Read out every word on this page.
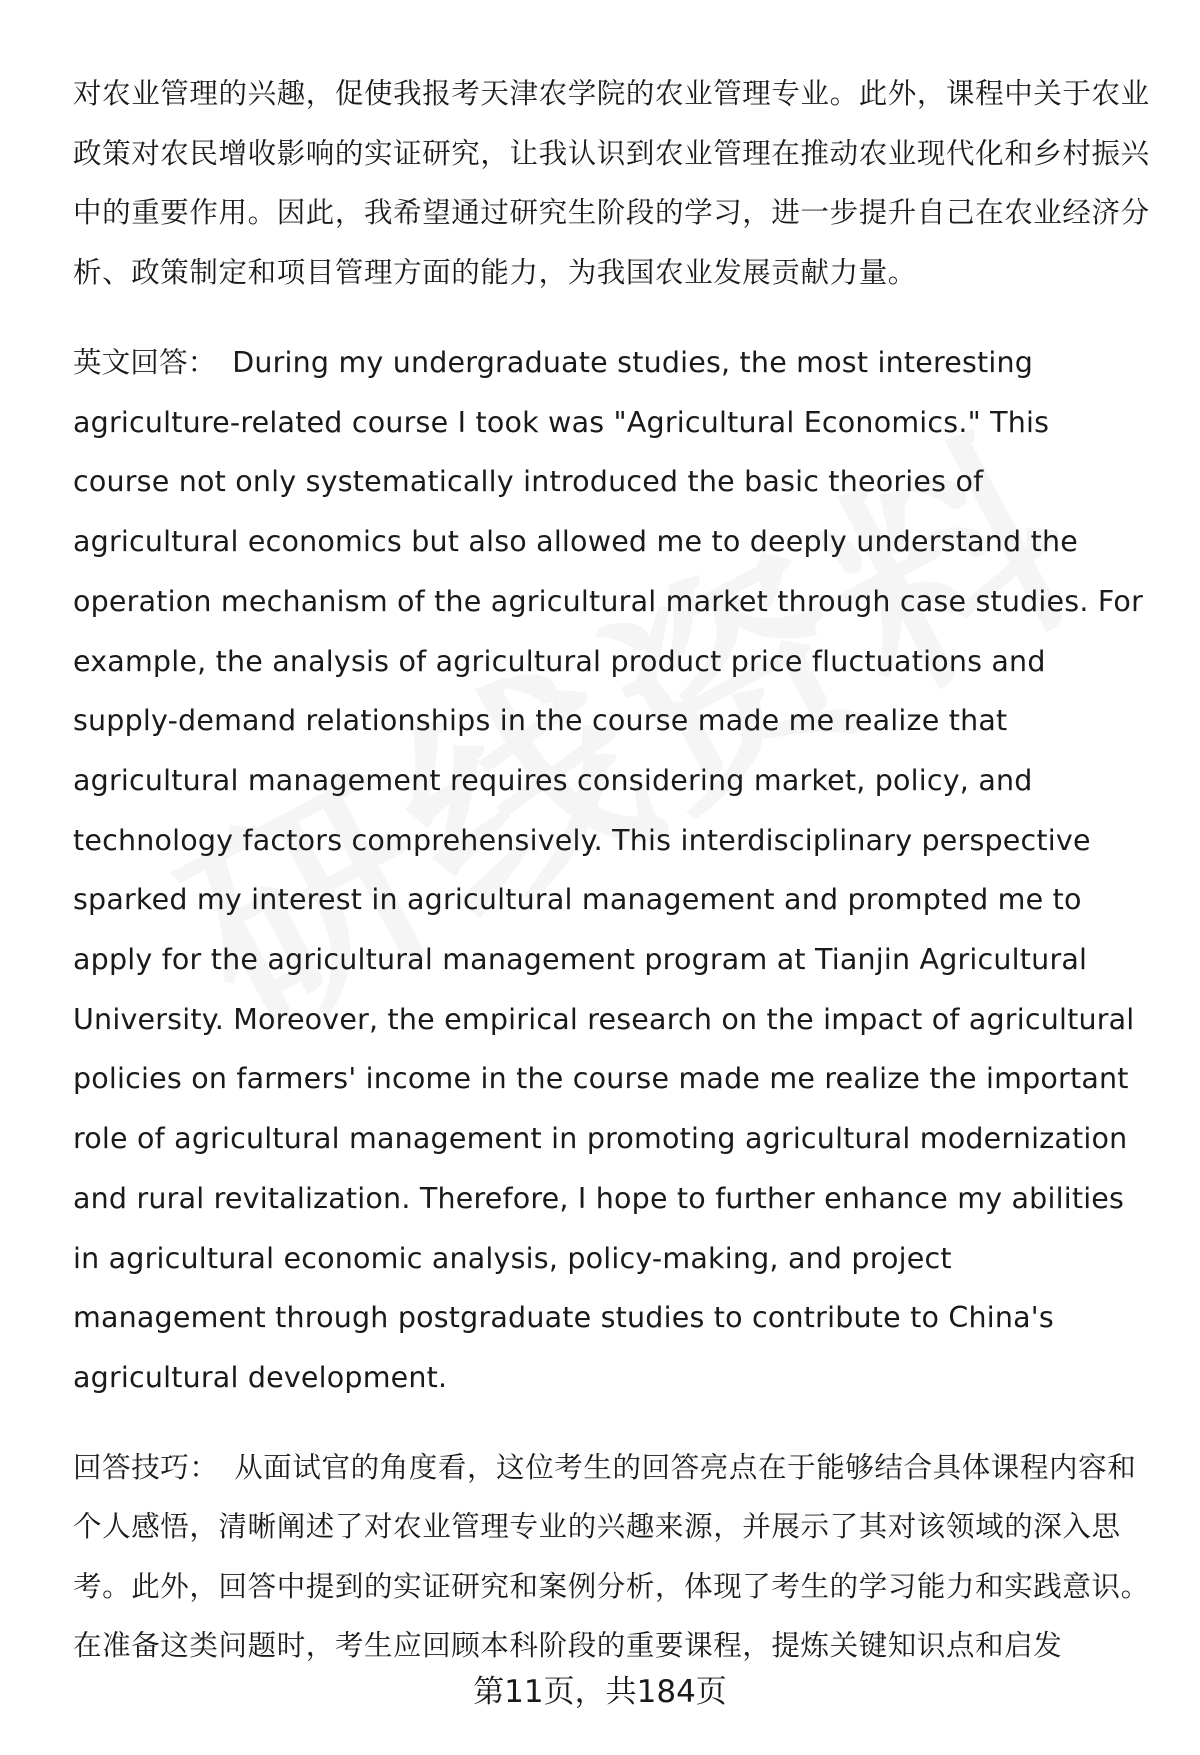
对农业管理的兴趣，促使我报考天津农学院的农业管理专业。此外，课程中关于农业政策对农民增收影响的实证研究，让我认识到农业管理在推动农业现代化和乡村振兴中的重要作用。因此，我希望通过研究生阶段的学习，进一步提升自己在农业经济分析、政策制定和项目管理方面的能力，为我国农业发展贡献力量。

英文回答： During my undergraduate studies, the most interesting agriculture-related course I took was "Agricultural Economics." This course not only systematically introduced the basic theories of agricultural economics but also allowed me to deeply understand the operation mechanism of the agricultural market through case studies. For example, the analysis of agricultural product price fluctuations and supply-demand relationships in the course made me realize that agricultural management requires considering market, policy, and technology factors comprehensively. This interdisciplinary perspective sparked my interest in agricultural management and prompted me to apply for the agricultural management program at Tianjin Agricultural University. Moreover, the empirical research on the impact of agricultural policies on farmers' income in the course made me realize the important role of agricultural management in promoting agricultural modernization and rural revitalization. Therefore, I hope to further enhance my abilities in agricultural economic analysis, policy-making, and project management through postgraduate studies to contribute to China's agricultural development.

回答技巧： 从面试官的角度看，这位考生的回答亮点在于能够结合具体课程内容和个人感悟，清晰阐述了对农业管理专业的兴趣来源，并展示了其对该领域的深入思考。此外，回答中提到的实证研究和案例分析，体现了考生的学习能力和实践意识。在准备这类问题时，考生应回顾本科阶段的重要课程，提炼关键知识点和启发

第11页，共184页
